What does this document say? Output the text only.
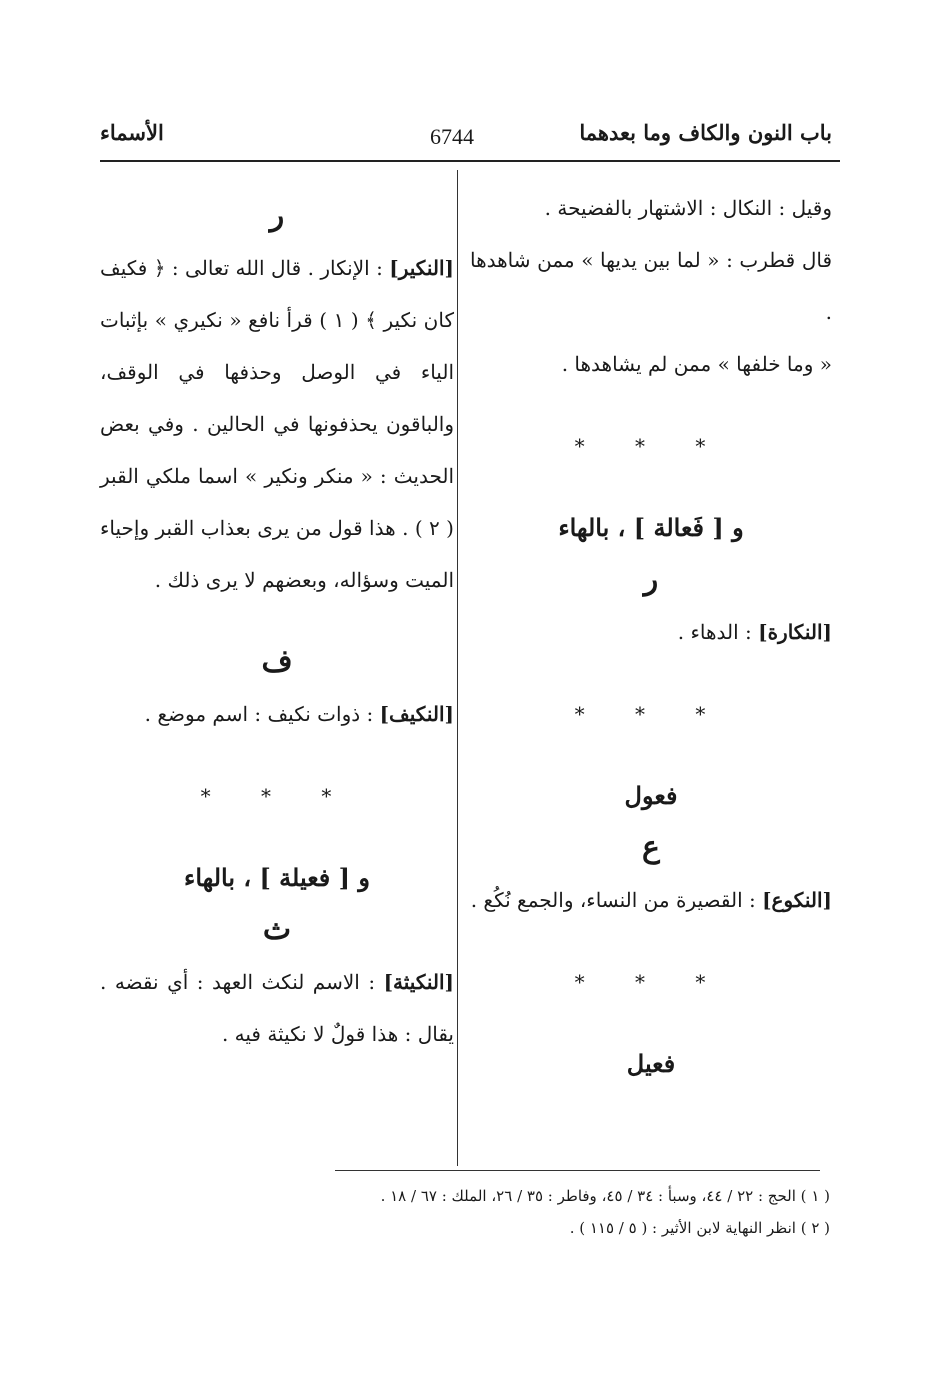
باب النون والكاف وما بعدهما
6744
الأسماء
وقيل : النكال : الاشتهار بالفضيحة .
قال قطرب : « لما بين يديها » ممن شاهدها .
« وما خلفها » ممن لم يشاهدها .
* * *
و [ فَعالة ] ، بالهاء
ر
[النكارة] : الدهاء .
* * *
فعول
ع
[النكوع] : القصيرة من النساء، والجمع نُكُع .
* * *
فعيل
ر
[النكير] : الإنكار . قال الله تعالى : ﴿ فكيف كان نكير ﴾ ( ١ ) قرأ نافع « نكيري » بإثبات الياء في الوصل وحذفها في الوقف، والباقون يحذفونها في الحالين . وفي بعض الحديث : « منكر ونكير » اسما ملكي القبر ( ٢ ) . هذا قول من يرى بعذاب القبر وإحياء الميت وسؤاله، وبعضهم لا يرى ذلك .
ف
[النكيف] : ذوات نكيف : اسم موضع .
* * *
و [ فعيلة ] ، بالهاء
ث
[النكيثة] : الاسم لنكث العهد : أي نقضه . يقال : هذا قولٌ لا نكيثة فيه .
( ١ ) الحج : ٢٢ / ٤٤، وسبأ : ٣٤ / ٤٥، وفاطر : ٣٥ / ٢٦، الملك : ٦٧ / ١٨ .
( ٢ ) انظر النهاية لابن الأثير : ( ٥ / ١١٥ ) .
